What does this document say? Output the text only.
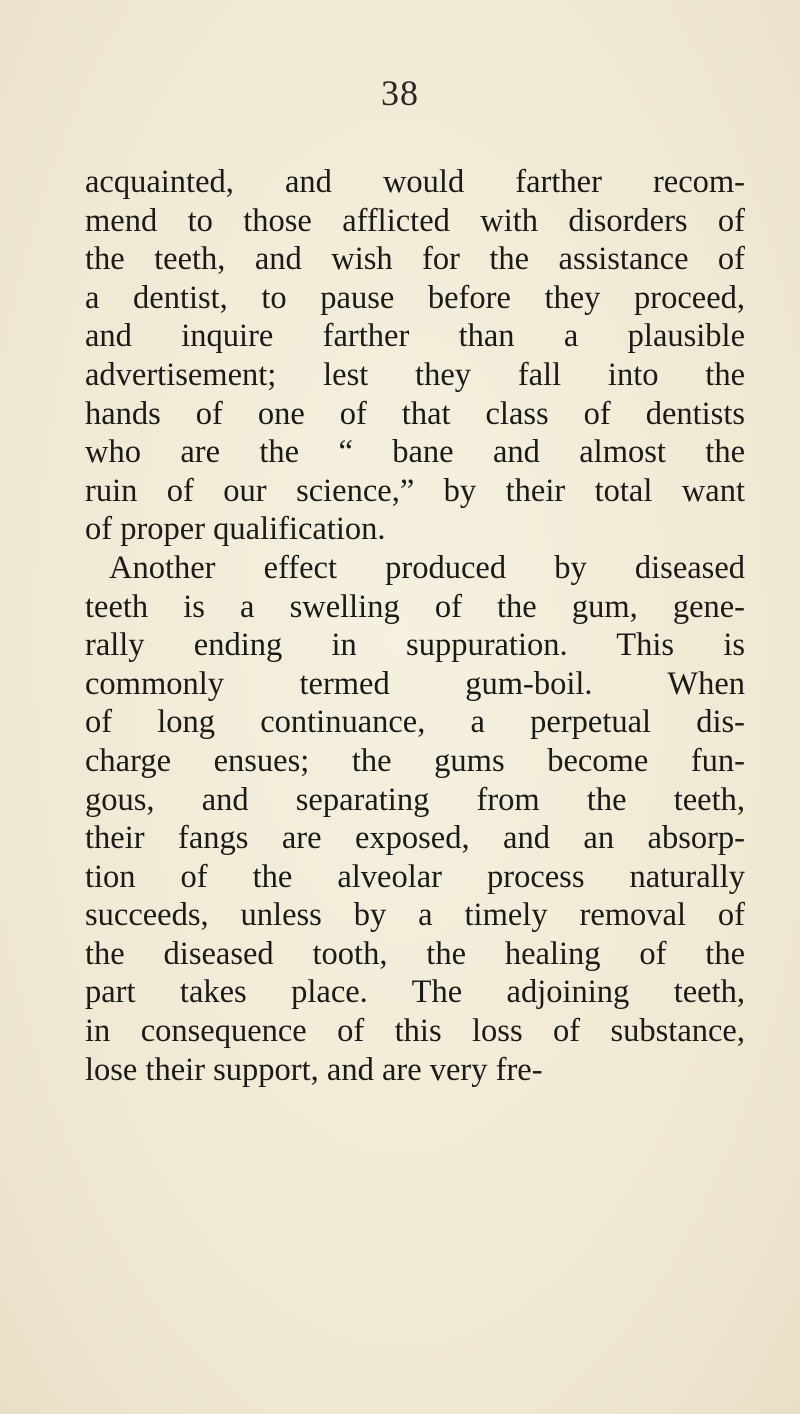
38
acquainted, and would farther recom-
mend to those afflicted with disorders of
the teeth, and wish for the assistance of
a dentist, to pause before they proceed,
and inquire farther than a plausible
advertisement; lest they fall into the
hands of one of that class of dentists
who are the “ bane and almost the
ruin of our science,” by their total want
of proper qualification.
Another effect produced by diseased
teeth is a swelling of the gum, gene-
rally ending in suppuration. This is
commonly termed gum-boil. When
of long continuance, a perpetual dis-
charge ensues; the gums become fun-
gous, and separating from the teeth,
their fangs are exposed, and an absorp-
tion of the alveolar process naturally
succeeds, unless by a timely removal of
the diseased tooth, the healing of the
part takes place. The adjoining teeth,
in consequence of this loss of substance,
lose their support, and are very fre-
